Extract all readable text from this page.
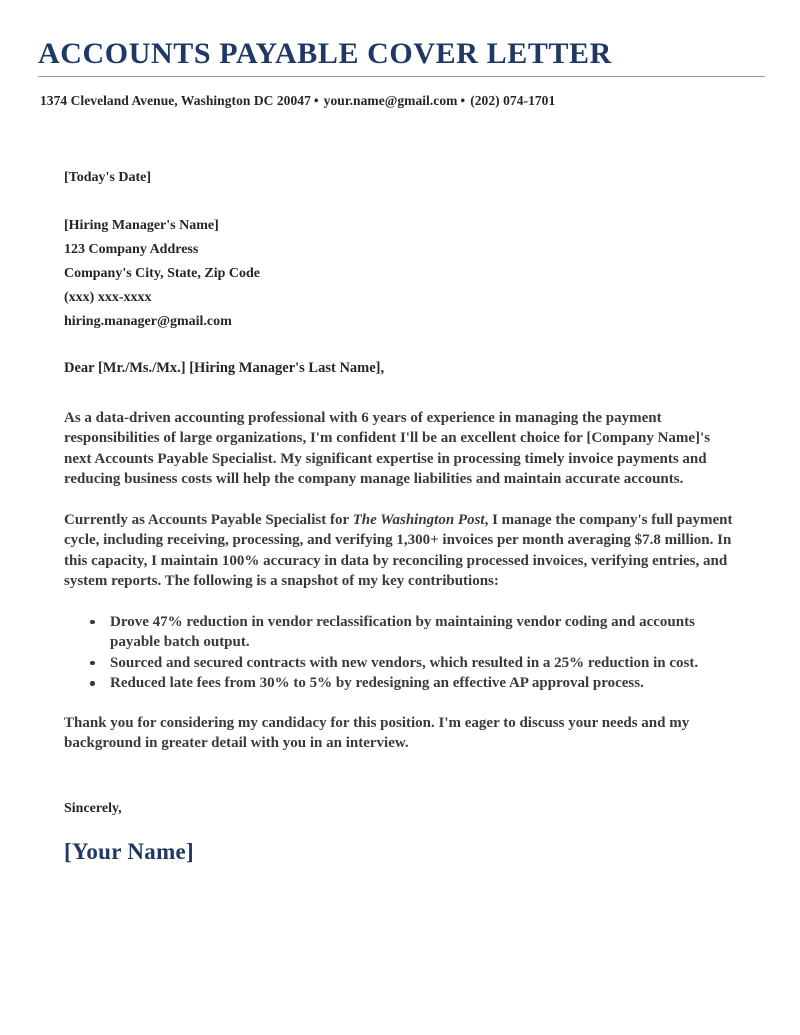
ACCOUNTS PAYABLE COVER LETTER
1374 Cleveland Avenue, Washington DC 20047 • your.name@gmail.com • (202) 074-1701

[Today's Date]

[Hiring Manager's Name]

123 Company Address

Company's City, State, Zip Code

(xxx) xxx-xxxx

hiring.manager@gmail.com

Dear [Mr./Ms./Mx.] [Hiring Manager's Last Name],

As a data-driven accounting professional with 6 years of experience in managing the payment responsibilities of large organizations, I'm confident I'll be an excellent choice for [Company Name]'s next Accounts Payable Specialist. My significant expertise in processing timely invoice payments and reducing business costs will help the company manage liabilities and maintain accurate accounts.

Currently as Accounts Payable Specialist for The Washington Post, I manage the company's full payment cycle, including receiving, processing, and verifying 1,300+ invoices per month averaging $7.8 million. In this capacity, I maintain 100% accuracy in data by reconciling processed invoices, verifying entries, and system reports. The following is a snapshot of my key contributions:

Drove 47% reduction in vendor reclassification by maintaining vendor coding and accounts payable batch output.
Sourced and secured contracts with new vendors, which resulted in a 25% reduction in cost.
Reduced late fees from 30% to 5% by redesigning an effective AP approval process.

Thank you for considering my candidacy for this position. I'm eager to discuss your needs and my background in greater detail with you in an interview.

Sincerely,

[Your Name]
